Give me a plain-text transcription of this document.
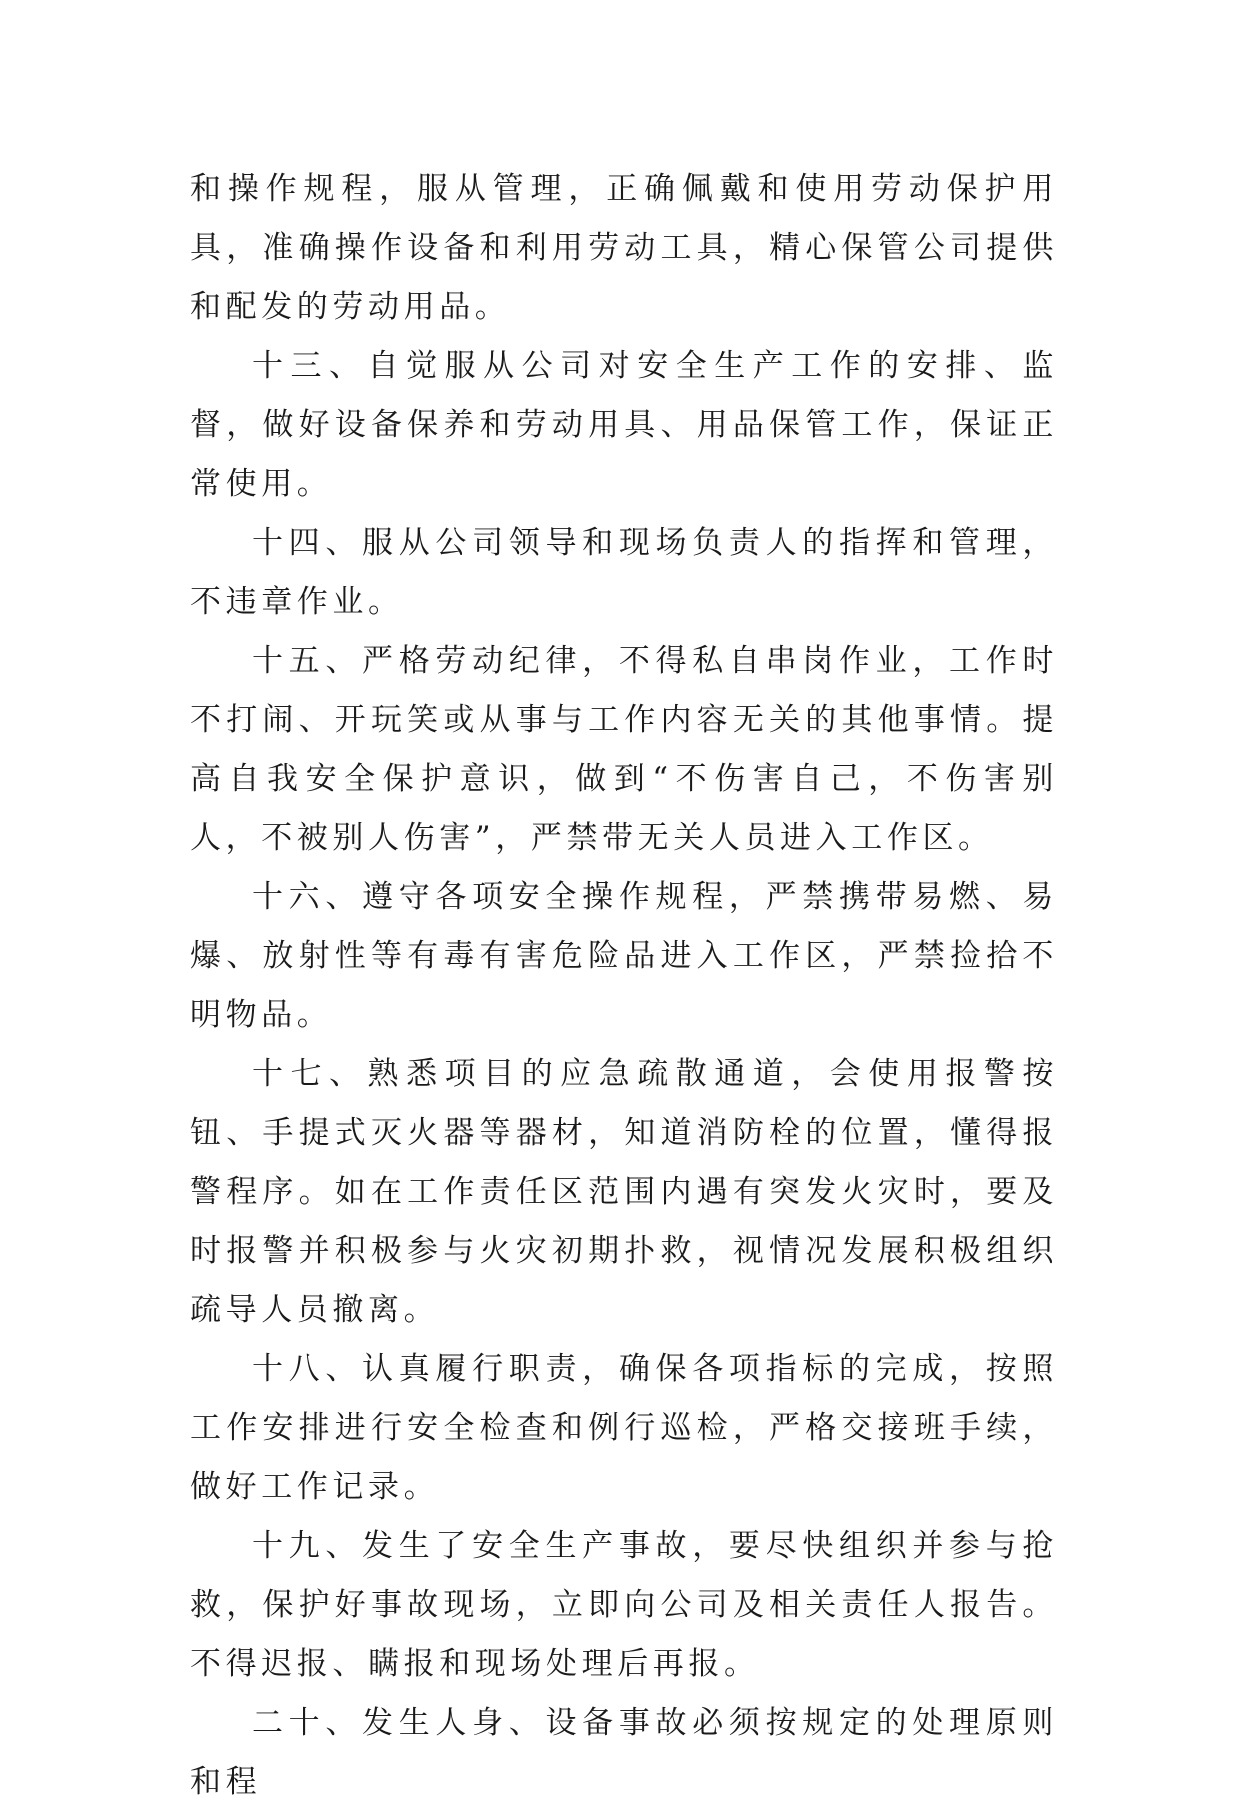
和操作规程，服从管理，正确佩戴和使用劳动保护用具，准确操作设备和利用劳动工具，精心保管公司提供和配发的劳动用品。

十三、自觉服从公司对安全生产工作的安排、监督，做好设备保养和劳动用具、用品保管工作，保证正常使用。

十四、服从公司领导和现场负责人的指挥和管理，不违章作业。

十五、严格劳动纪律，不得私自串岗作业，工作时不打闹、开玩笑或从事与工作内容无关的其他事情。提高自我安全保护意识，做到“不伤害自己，不伤害别人，不被别人伤害”，严禁带无关人员进入工作区。

十六、遵守各项安全操作规程，严禁携带易燃、易爆、放射性等有毒有害危险品进入工作区，严禁捡拾不明物品。

十七、熟悉项目的应急疏散通道，会使用报警按钮、手提式灭火器等器材，知道消防栓的位置，懂得报警程序。如在工作责任区范围内遇有突发火灾时，要及时报警并积极参与火灾初期扑救，视情况发展积极组织疏导人员撤离。

十八、认真履行职责，确保各项指标的完成，按照工作安排进行安全检查和例行巡检，严格交接班手续，做好工作记录。

十九、发生了安全生产事故，要尽快组织并参与抢救，保护好事故现场，立即向公司及相关责任人报告。不得迟报、瞒报和现场处理后再报。

二十、发生人身、设备事故必须按规定的处理原则和程
